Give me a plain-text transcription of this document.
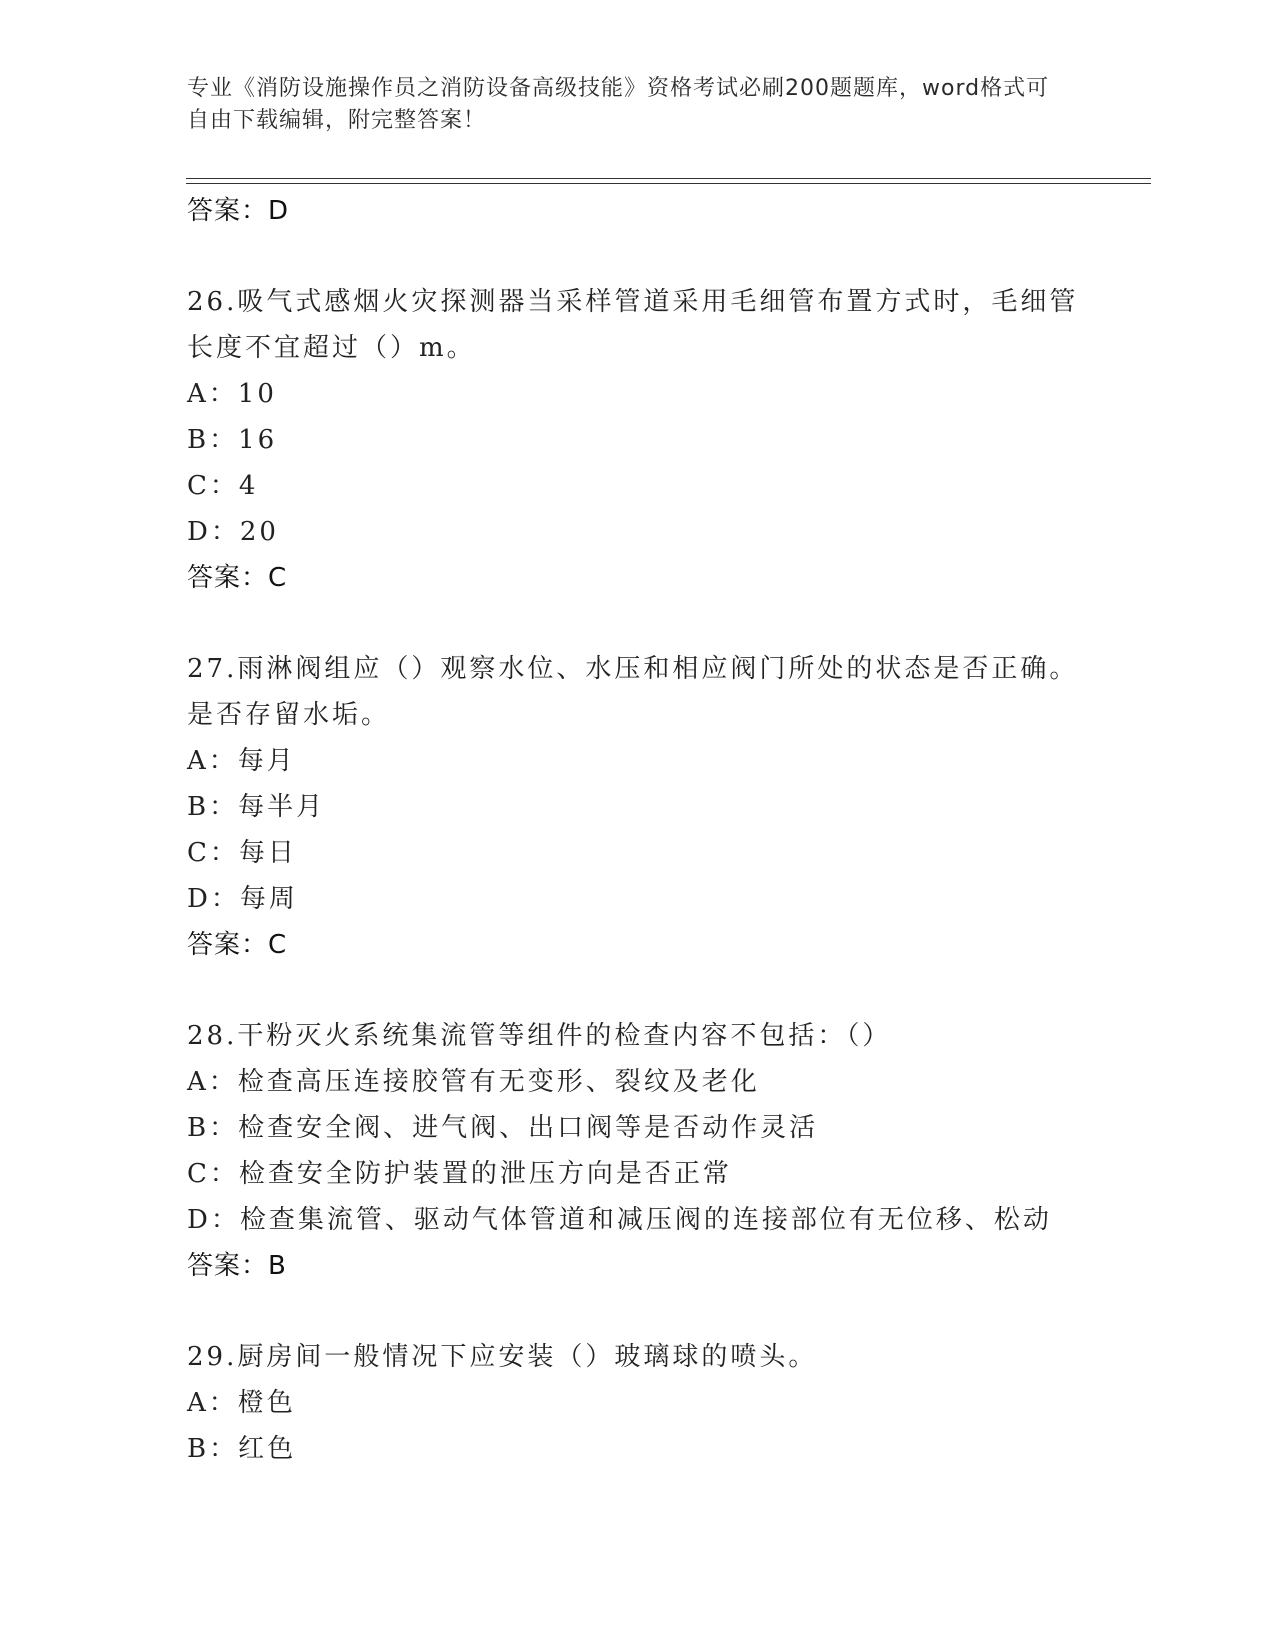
专业《消防设施操作员之消防设备高级技能》资格考试必刷200题题库，word格式可自由下载编辑，附完整答案！
答案：D
26.吸气式感烟火灾探测器当采样管道采用毛细管布置方式时，毛细管长度不宜超过（）m。
A：10
B：16
C：4
D：20
答案：C
27.雨淋阀组应（）观察水位、水压和相应阀门所处的状态是否正确。是否存留水垢。
A：每月
B：每半月
C：每日
D：每周
答案：C
28.干粉灭火系统集流管等组件的检查内容不包括：（）
A：检查高压连接胶管有无变形、裂纹及老化
B：检查安全阀、进气阀、出口阀等是否动作灵活
C：检查安全防护装置的泄压方向是否正常
D：检查集流管、驱动气体管道和减压阀的连接部位有无位移、松动
答案：B
29.厨房间一般情况下应安装（）玻璃球的喷头。
A：橙色
B：红色
